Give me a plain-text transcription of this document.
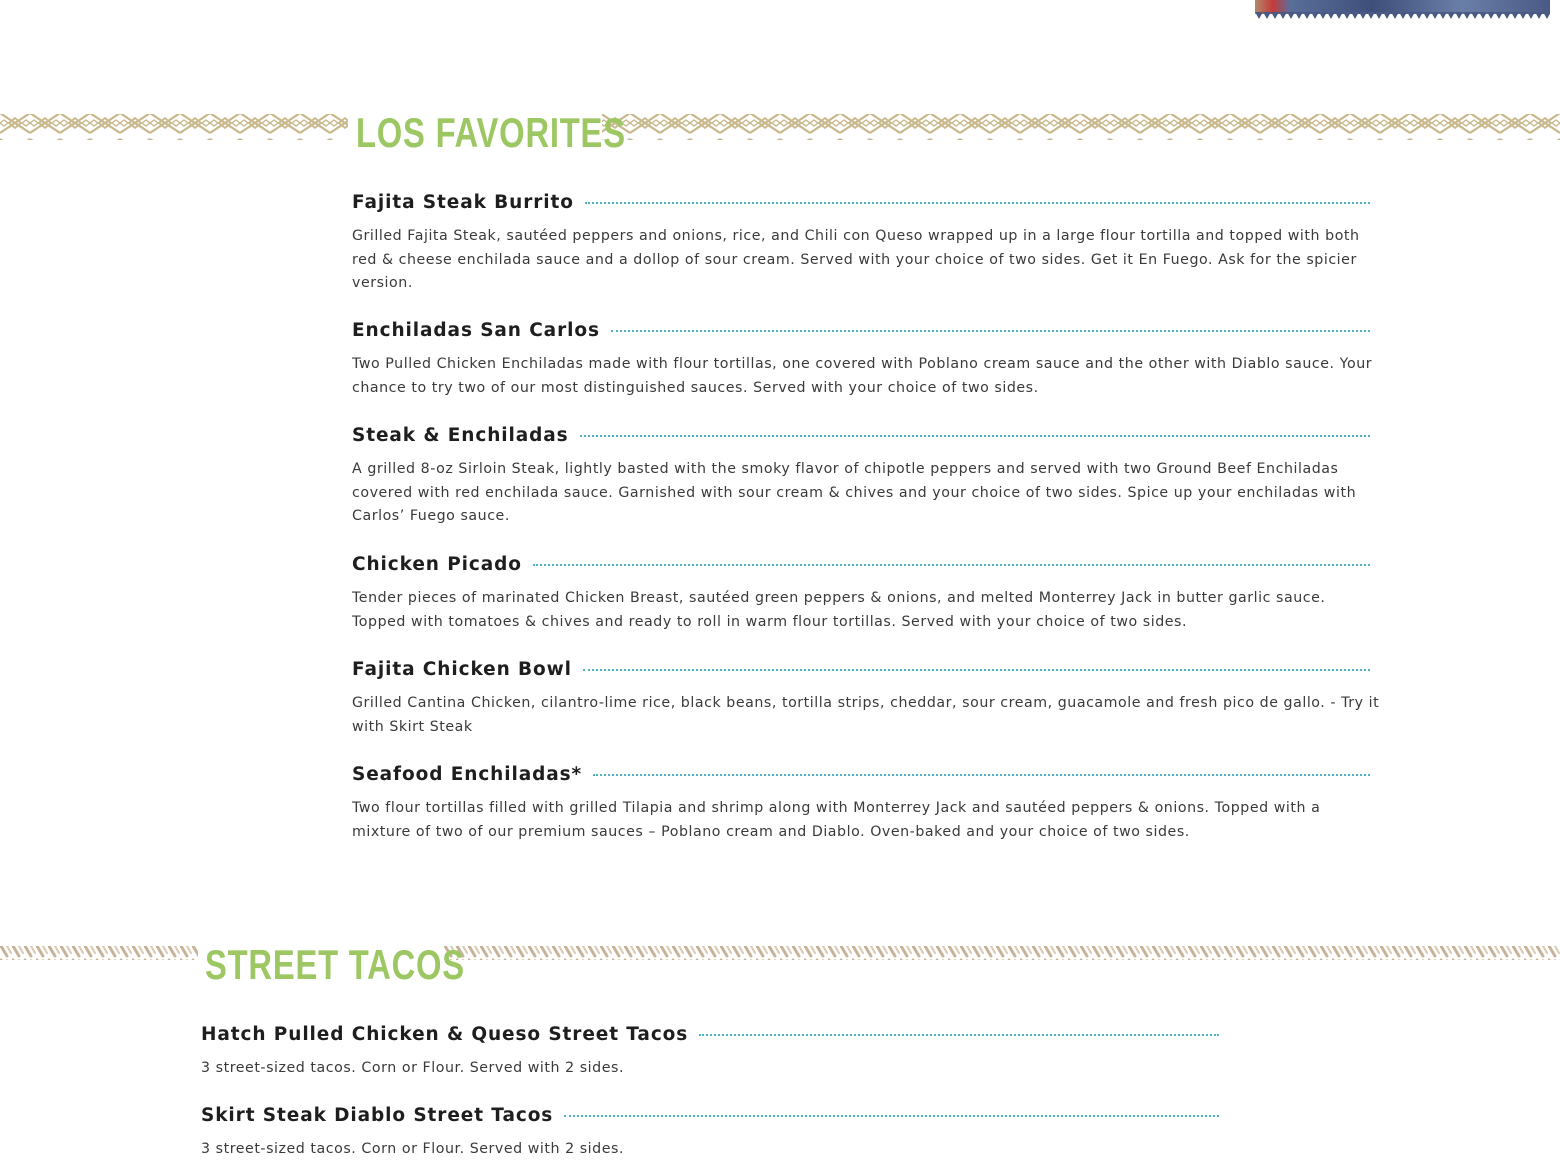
LOS FAVORITES
Fajita Steak Burrito
Grilled Fajita Steak, sautéed peppers and onions, rice, and Chili con Queso wrapped up in a large flour tortilla and topped with both red & cheese enchilada sauce and a dollop of sour cream. Served with your choice of two sides. Get it En Fuego. Ask for the spicier version.
Enchiladas San Carlos
Two Pulled Chicken Enchiladas made with flour tortillas, one covered with Poblano cream sauce and the other with Diablo sauce. Your chance to try two of our most distinguished sauces. Served with your choice of two sides.
Steak & Enchiladas
A grilled 8-oz Sirloin Steak, lightly basted with the smoky flavor of chipotle peppers and served with two Ground Beef Enchiladas covered with red enchilada sauce. Garnished with sour cream & chives and your choice of two sides. Spice up your enchiladas with Carlos’ Fuego sauce.
Chicken Picado
Tender pieces of marinated Chicken Breast, sautéed green peppers & onions, and melted Monterrey Jack in butter garlic sauce. Topped with tomatoes & chives and ready to roll in warm flour tortillas. Served with your choice of two sides.
Fajita Chicken Bowl
Grilled Cantina Chicken, cilantro-lime rice, black beans, tortilla strips, cheddar, sour cream, guacamole and fresh pico de gallo. - Try it with Skirt Steak
Seafood Enchiladas*
Two flour tortillas filled with grilled Tilapia and shrimp along with Monterrey Jack and sautéed peppers & onions. Topped with a mixture of two of our premium sauces – Poblano cream and Diablo. Oven-baked and your choice of two sides.
STREET TACOS
Hatch Pulled Chicken & Queso Street Tacos
3 street-sized tacos. Corn or Flour. Served with 2 sides.
Skirt Steak Diablo Street Tacos
3 street-sized tacos. Corn or Flour. Served with 2 sides.
